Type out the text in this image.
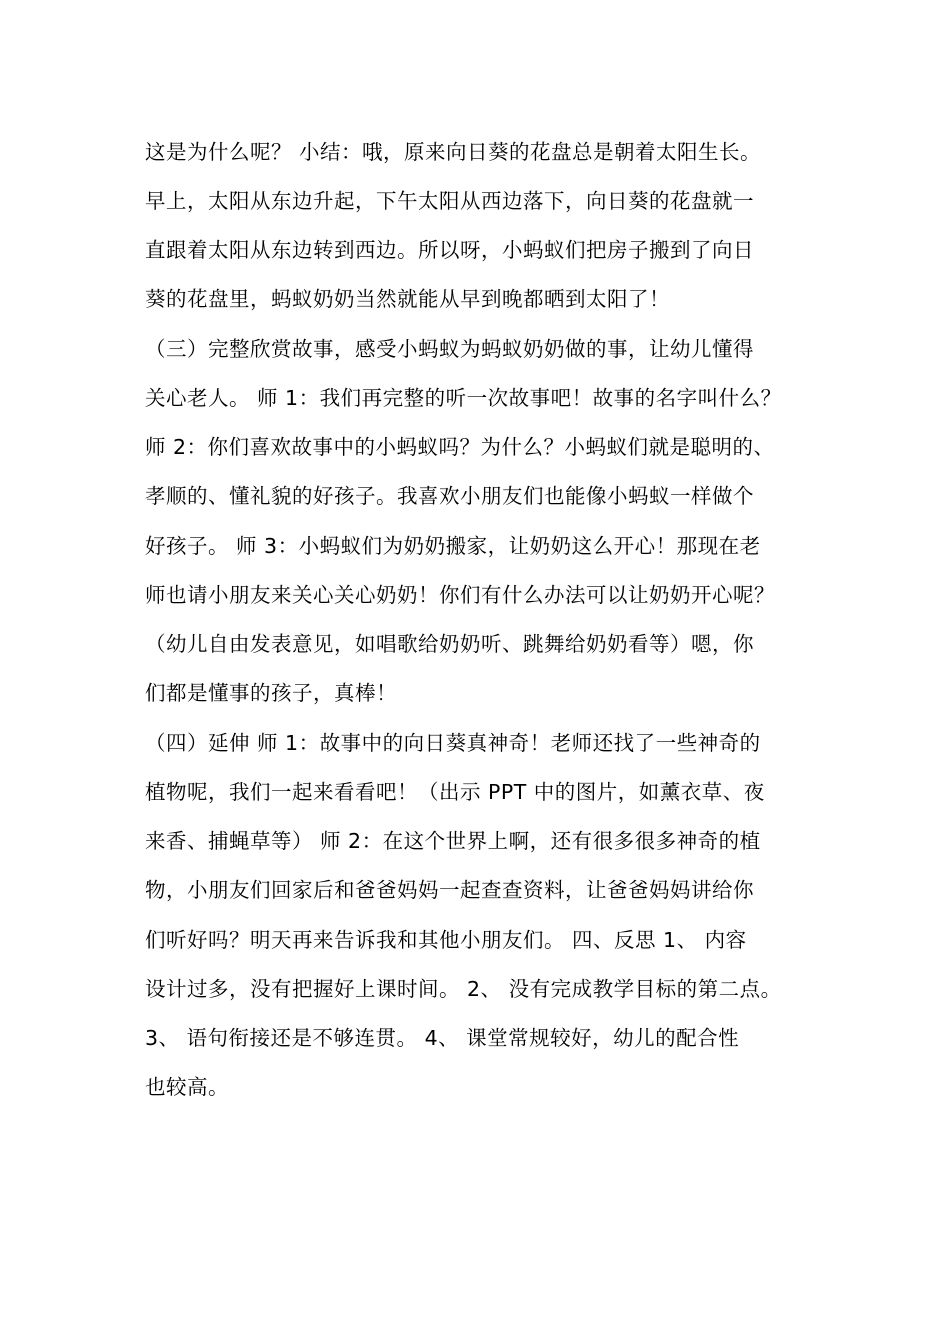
这是为什么呢？ 小结：哦，原来向日葵的花盘总是朝着太阳生长。
早上，太阳从东边升起，下午太阳从西边落下，向日葵的花盘就一
直跟着太阳从东边转到西边。所以呀，小蚂蚁们把房子搬到了向日
葵的花盘里，蚂蚁奶奶当然就能从早到晚都晒到太阳了！
（三）完整欣赏故事，感受小蚂蚁为蚂蚁奶奶做的事，让幼儿懂得
关心老人。 师 1：我们再完整的听一次故事吧！故事的名字叫什么？
师 2：你们喜欢故事中的小蚂蚁吗？为什么？小蚂蚁们就是聪明的、
孝顺的、懂礼貌的好孩子。我喜欢小朋友们也能像小蚂蚁一样做个
好孩子。 师 3：小蚂蚁们为奶奶搬家，让奶奶这么开心！那现在老
师也请小朋友来关心关心奶奶！你们有什么办法可以让奶奶开心呢？
（幼儿自由发表意见，如唱歌给奶奶听、跳舞给奶奶看等）嗯，你
们都是懂事的孩子，真棒！
（四）延伸 师 1：故事中的向日葵真神奇！老师还找了一些神奇的
植物呢，我们一起来看看吧！（出示 PPT 中的图片，如薰衣草、夜
来香、捕蝇草等） 师 2：在这个世界上啊，还有很多很多神奇的植
物，小朋友们回家后和爸爸妈妈一起查查资料，让爸爸妈妈讲给你
们听好吗？明天再来告诉我和其他小朋友们。 四、反思 1、 内容
设计过多，没有把握好上课时间。 2、 没有完成教学目标的第二点。
3、 语句衔接还是不够连贯。 4、 课堂常规较好，幼儿的配合性
也较高。
